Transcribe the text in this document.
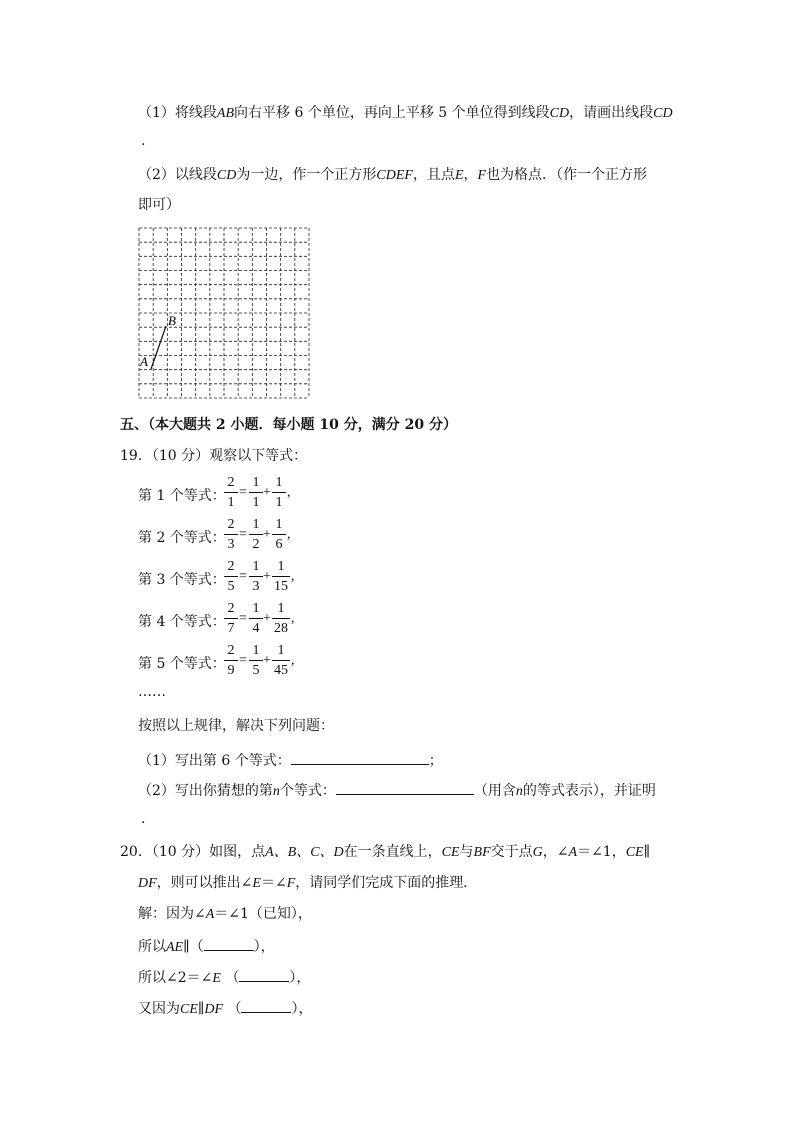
（1）将线段AB向右平移 6 个单位，再向上平移 5 个单位得到线段CD，请画出线段CD
.
（2）以线段CD为一边，作一个正方形CDEF，且点E，F也为格点．（作一个正方形
即可）
A
B
五、（本大题共 2 小题．每小题 10 分，满分 20 分）
19．（10 分）观察以下等式：
第 1 个等式：
2
1
=
1
1
+
1
1
,
第 2 个等式：
2
3
=
1
2
+
1
6
,
第 3 个等式：
2
5
=
1
3
+
1
15
,
第 4 个等式：
2
7
=
1
4
+
1
28
,
第 5 个等式：
2
9
=
1
5
+
1
45
,
……
按照以上规律，解决下列问题：
（1）写出第 6 个等式：	；
（2）写出你猜想的第n个等式：	（用含n的等式表示），并证明
.
20．（10 分）如图，点A、B、C、D在一条直线上，CE与BF交于点G，∠A＝∠1，CE∥
DF，则可以推出∠E＝∠F，请同学们完成下面的推理．
解：因为∠A＝∠1（已知），
所以AE∥（	），
所以∠2＝∠E （	），
又因为CE∥DF （	），
